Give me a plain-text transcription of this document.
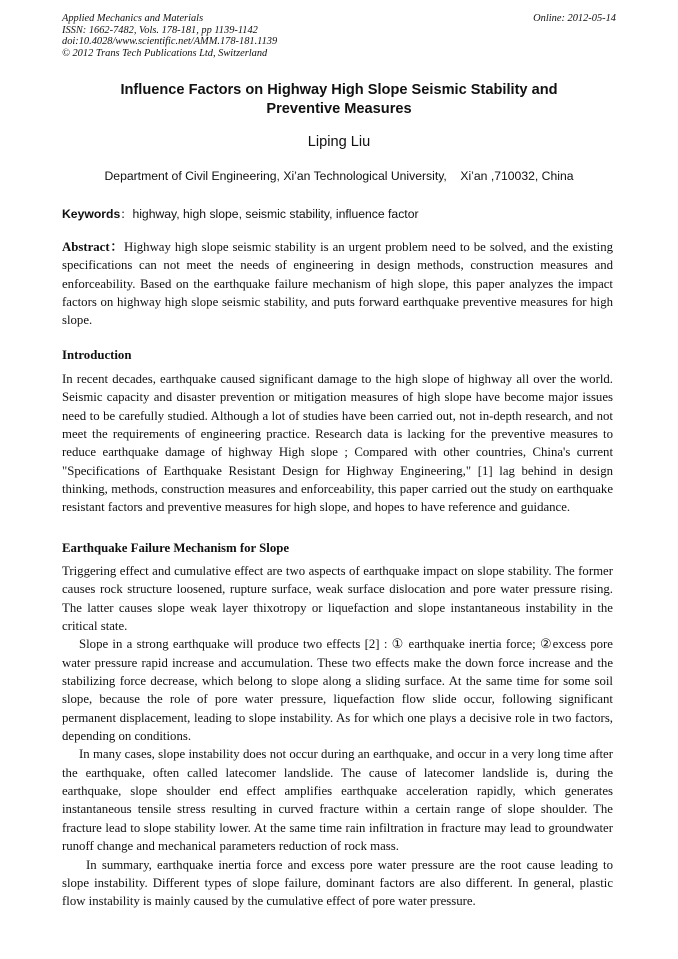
Applied Mechanics and Materials
ISSN: 1662-7482, Vols. 178-181, pp 1139-1142
doi:10.4028/www.scientific.net/AMM.178-181.1139
© 2012 Trans Tech Publications Ltd, Switzerland
Online: 2012-05-14
Influence Factors on Highway High Slope Seismic Stability and
Preventive Measures
Liping Liu
Department of Civil Engineering, Xi’an Technological University,    Xi’an ,710032, China
Keywords：highway, high slope, seismic stability, influence factor
Abstract：Highway high slope seismic stability is an urgent problem need to be solved, and the existing specifications can not meet the needs of engineering in design methods, construction measures and enforceability. Based on the earthquake failure mechanism of high slope, this paper analyzes the impact factors on highway high slope seismic stability, and puts forward earthquake preventive measures for high slope.
Introduction

In recent decades, earthquake caused significant damage to the high slope of highway all over the world. Seismic capacity and disaster prevention or mitigation measures of high slope have become major issues need to be carefully studied. Although a lot of studies have been carried out, not in-depth research, and not meet the requirements of engineering practice. Research data is lacking for the preventive measures to reduce earthquake damage of highway High slope ; Compared with other countries, China's current "Specifications of Earthquake Resistant Design for Highway Engineering," [1] lag behind in design thinking, methods, construction measures and enforceability, this paper carried out the study on earthquake resistant factors and preventive measures for high slope, and hopes to have reference and guidance.

Earthquake Failure Mechanism for Slope

Triggering effect and cumulative effect are two aspects of earthquake impact on slope stability. The former causes rock structure loosened, rupture surface, weak surface dislocation and pore water pressure rising. The latter causes slope weak layer thixotropy or liquefaction and slope instantaneous instability in the critical state.

Slope in a strong earthquake will produce two effects [2] : ① earthquake inertia force; ②excess pore water pressure rapid increase and accumulation. These two effects make the down force increase and the stabilizing force decrease, which belong to slope along a sliding surface. At the same time for some soil slope, because the role of pore water pressure, liquefaction flow slide occur, following significant permanent displacement, leading to slope instability. As for which one plays a decisive role in two factors, depending on conditions.

In many cases, slope instability does not occur during an earthquake, and occur in a very long time after the earthquake, often called latecomer landslide. The cause of latecomer landslide is, during the earthquake, slope shoulder end effect amplifies earthquake acceleration rapidly, which generates instantaneous tensile stress resulting in curved fracture within a certain range of slope shoulder. The fracture lead to slope stability lower. At the same time rain infiltration in fracture may lead to groundwater runoff change and mechanical parameters reduction of rock mass.

In summary, earthquake inertia force and excess pore water pressure are the root cause leading to slope instability. Different types of slope failure, dominant factors are also different. In general, plastic flow instability is mainly caused by the cumulative effect of pore water pressure.
